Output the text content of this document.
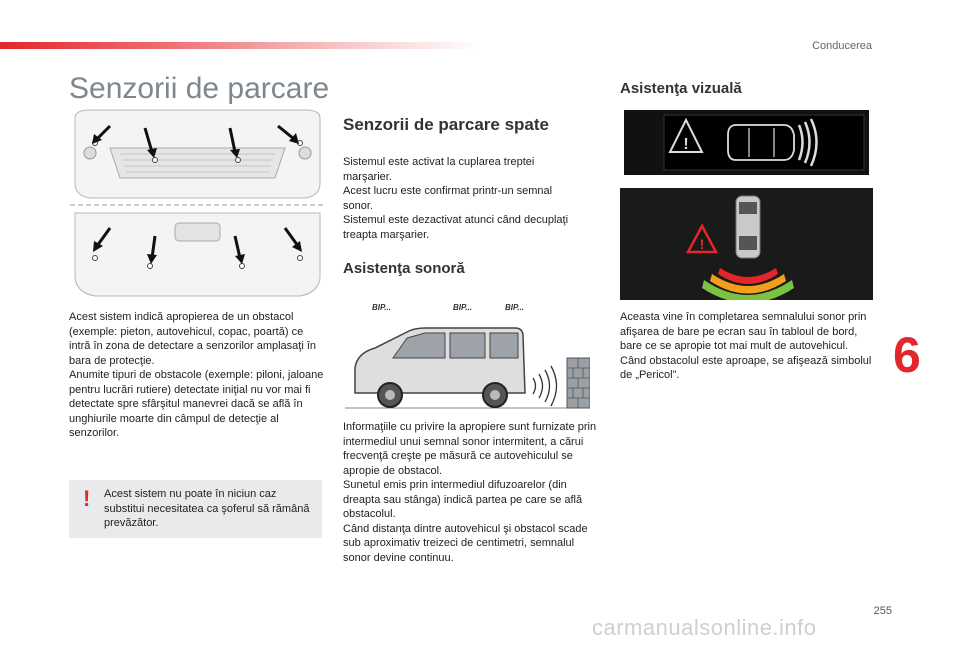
Conducerea
255
6
Senzorii de parcare

Acest sistem indică apropierea de un obstacol (exemple: pieton, autovehicul, copac, poartă) ce intră în zona de detectare a senzorilor amplasaţi în bara de protecţie.

Anumite tipuri de obstacole (exemple: piloni, jaloane pentru lucrări rutiere) detectate iniţial nu vor mai fi detectate spre sfârşitul manevrei dacă se află în unghiurile moarte din câmpul de detecţie al senzorilor.

! Acest sistem nu poate în niciun caz substitui necesitatea ca şoferul să rămână prevăzător.
Senzorii de parcare spate

Sistemul este activat la cuplarea treptei marşarier.

Acest lucru este confirmat printr-un semnal sonor.

Sistemul este dezactivat atunci când decuplaţi treapta marşarier.

Asistenţa sonoră
BIP...	BIP...	BIP...

Informaţiile cu privire la apropiere sunt furnizate prin intermediul unui semnal sonor intermitent, a cărui frecvenţă creşte pe măsură ce autovehiculul se apropie de obstacol.

Sunetul emis prin intermediul difuzoarelor (din dreapta sau stânga) indică partea pe care se află obstacolul.

Când distanţa dintre autovehicul şi obstacol scade sub aproximativ treizeci de centimetri, semnalul sonor devine continuu.

Asistenţa vizuală
!
!

Aceasta vine în completarea semnalului sonor prin afişarea de bare pe ecran sau în tabloul de bord, bare ce se apropie tot mai mult de autovehicul. Când obstacolul este aproape, se afişează simbolul de „Pericol”.

carmanualsonline.info
